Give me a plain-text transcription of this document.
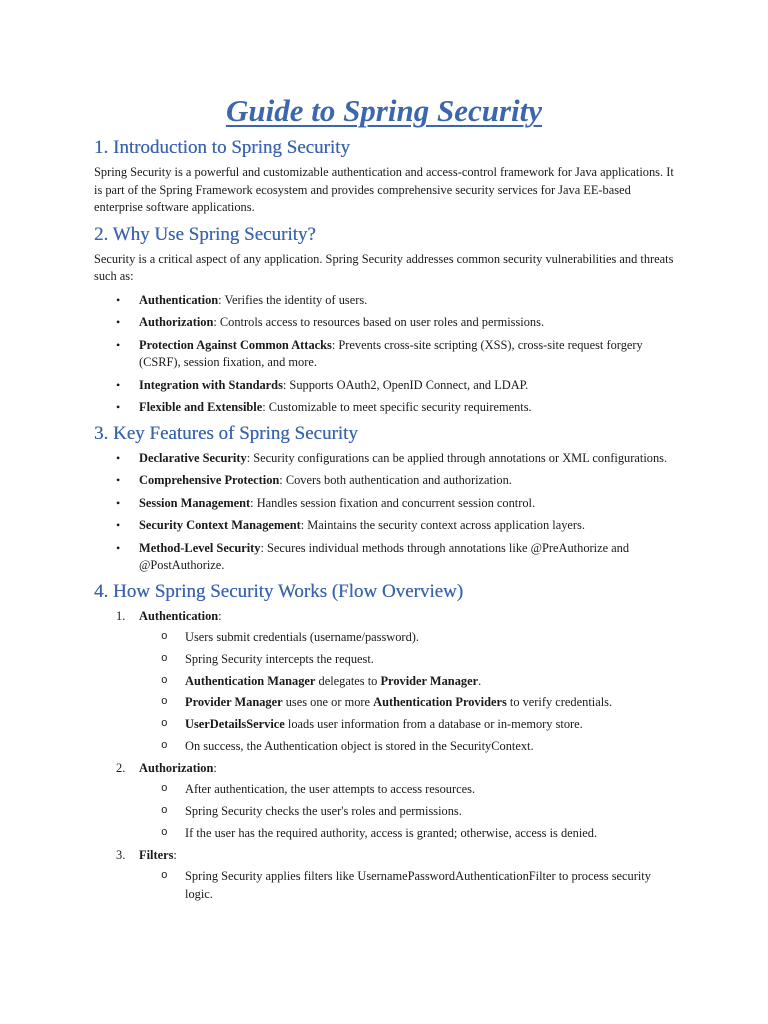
Guide to Spring Security
1. Introduction to Spring Security

Spring Security is a powerful and customizable authentication and access-control framework for Java applications. It is part of the Spring Framework ecosystem and provides comprehensive security services for Java EE-based enterprise software applications.

2. Why Use Spring Security?

Security is a critical aspect of any application. Spring Security addresses common security vulnerabilities and threats such as:

• Authentication: Verifies the identity of users.
• Authorization: Controls access to resources based on user roles and permissions.
• Protection Against Common Attacks: Prevents cross-site scripting (XSS), cross-site request forgery (CSRF), session fixation, and more.
• Integration with Standards: Supports OAuth2, OpenID Connect, and LDAP.
• Flexible and Extensible: Customizable to meet specific security requirements.
3. Key Features of Spring Security
• Declarative Security: Security configurations can be applied through annotations or XML configurations.
• Comprehensive Protection: Covers both authentication and authorization.
• Session Management: Handles session fixation and concurrent session control.
• Security Context Management: Maintains the security context across application layers.
• Method-Level Security: Secures individual methods through annotations like @PreAuthorize and @PostAuthorize.
4. How Spring Security Works (Flow Overview)
1. Authentication:
o Users submit credentials (username/password).
o Spring Security intercepts the request.
o Authentication Manager delegates to Provider Manager.
o Provider Manager uses one or more Authentication Providers to verify credentials.
o UserDetailsService loads user information from a database or in-memory store.
o On success, the Authentication object is stored in the SecurityContext.
2. Authorization:
o After authentication, the user attempts to access resources.
o Spring Security checks the user's roles and permissions.
o If the user has the required authority, access is granted; otherwise, access is denied.
3. Filters:
o Spring Security applies filters like UsernamePasswordAuthenticationFilter to process security logic.
